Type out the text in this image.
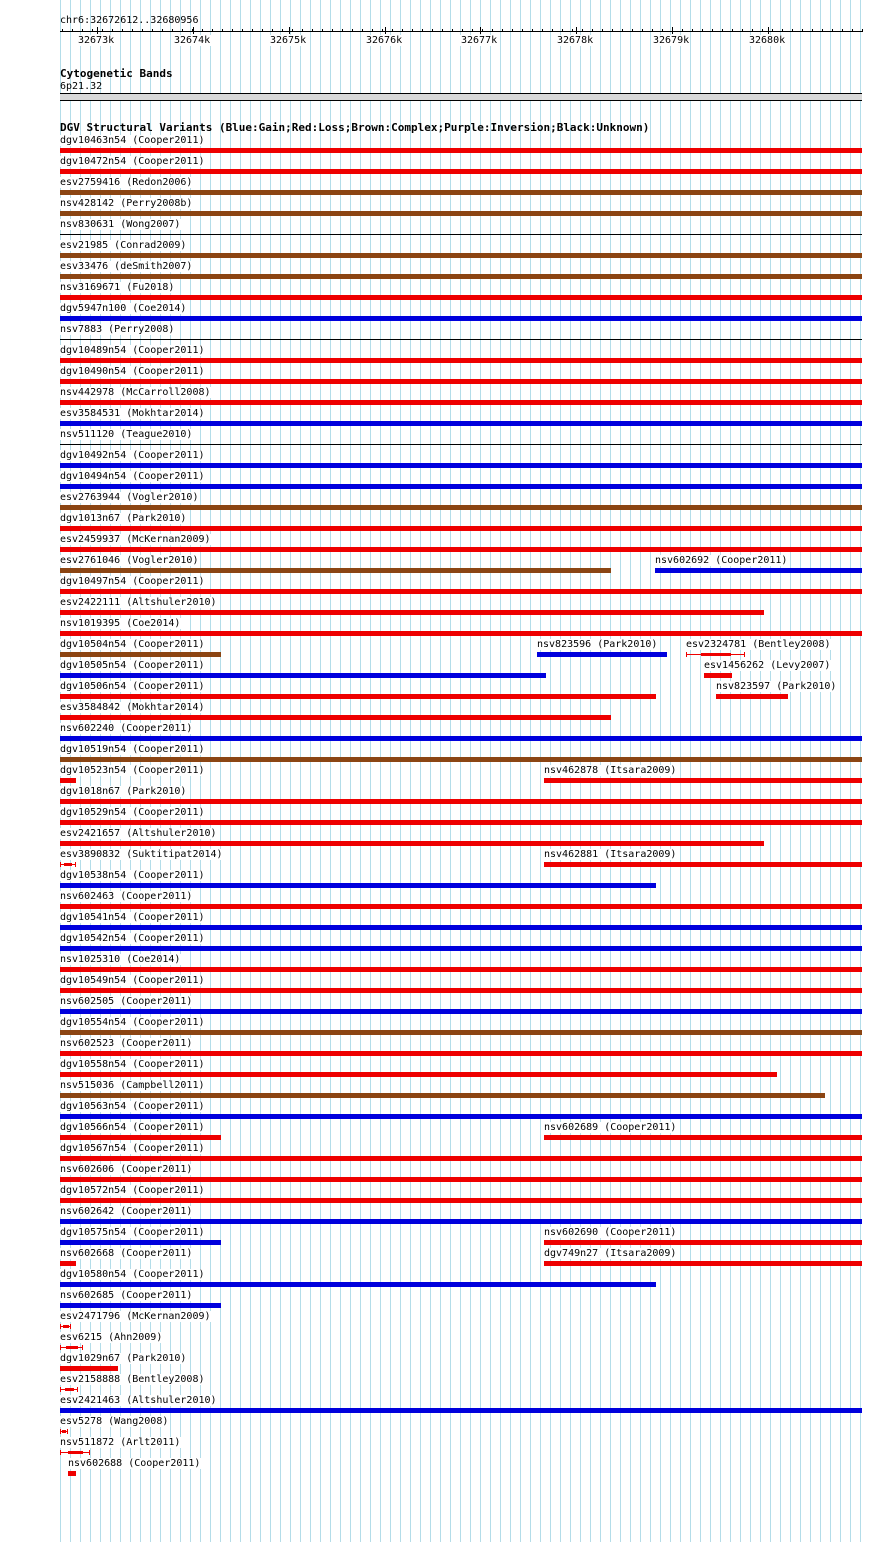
chr6:32672612..32680956
32673k	32674k	32675k	32676k	32677k	32678k	32679k	32680k
Cytogenetic Bands
6p21.32
DGV Structural Variants (Blue:Gain;Red:Loss;Brown:Complex;Purple:Inversion;Black:Unknown)
dgv10463n54 (Cooper2011)
dgv10472n54 (Cooper2011)
esv2759416 (Redon2006)
nsv428142 (Perry2008b)
nsv830631 (Wong2007)
esv21985 (Conrad2009)
esv33476 (deSmith2007)
nsv3169671 (Fu2018)
dgv5947n100 (Coe2014)
nsv7883 (Perry2008)
dgv10489n54 (Cooper2011)
dgv10490n54 (Cooper2011)
nsv442978 (McCarroll2008)
esv3584531 (Mokhtar2014)
nsv511120 (Teague2010)
dgv10492n54 (Cooper2011)
dgv10494n54 (Cooper2011)
esv2763944 (Vogler2010)
dgv1013n67 (Park2010)
esv2459937 (McKernan2009)
esv2761046 (Vogler2010)	nsv602692 (Cooper2011)
dgv10497n54 (Cooper2011)
esv2422111 (Altshuler2010)
nsv1019395 (Coe2014)
dgv10504n54 (Cooper2011)	nsv823596 (Park2010)	esv2324781 (Bentley2008)
dgv10505n54 (Cooper2011)	esv1456262 (Levy2007)
dgv10506n54 (Cooper2011)	nsv823597 (Park2010)
esv3584842 (Mokhtar2014)
nsv602240 (Cooper2011)
dgv10519n54 (Cooper2011)
dgv10523n54 (Cooper2011)	nsv462878 (Itsara2009)
dgv1018n67 (Park2010)
dgv10529n54 (Cooper2011)
esv2421657 (Altshuler2010)
esv3890832 (Suktitipat2014)	nsv462881 (Itsara2009)
dgv10538n54 (Cooper2011)
nsv602463 (Cooper2011)
dgv10541n54 (Cooper2011)
dgv10542n54 (Cooper2011)
nsv1025310 (Coe2014)
dgv10549n54 (Cooper2011)
nsv602505 (Cooper2011)
dgv10554n54 (Cooper2011)
nsv602523 (Cooper2011)
dgv10558n54 (Cooper2011)
nsv515036 (Campbell2011)
dgv10563n54 (Cooper2011)
dgv10566n54 (Cooper2011)	nsv602689 (Cooper2011)
dgv10567n54 (Cooper2011)
nsv602606 (Cooper2011)
dgv10572n54 (Cooper2011)
nsv602642 (Cooper2011)
dgv10575n54 (Cooper2011)	nsv602690 (Cooper2011)
nsv602668 (Cooper2011)	dgv749n27 (Itsara2009)
dgv10580n54 (Cooper2011)
nsv602685 (Cooper2011)
esv2471796 (McKernan2009)
esv6215 (Ahn2009)
dgv1029n67 (Park2010)
esv2158888 (Bentley2008)
esv2421463 (Altshuler2010)
esv5278 (Wang2008)
nsv511872 (Arlt2011)
nsv602688 (Cooper2011)
